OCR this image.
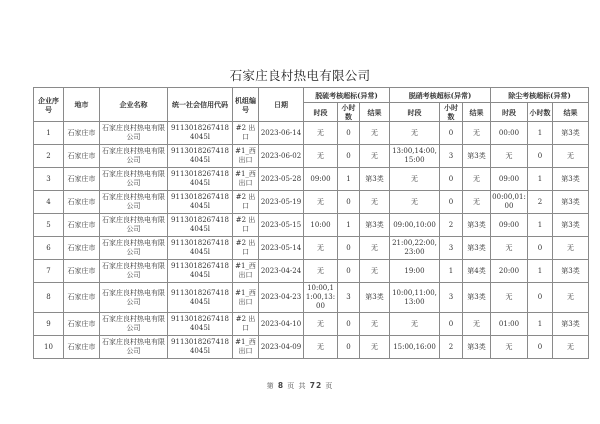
石家庄良村热电有限公司
企业序号	地市	企业名称	统一社会信用代码	机组编号	日期	脱硫考核超标(异常)			脱硝考核超标(异常)			除尘考核超标(异常)		
						时段	小时数	结果	时段	小时数	结果	时段	小时数	结果
1	石家庄市	石家庄良村热电有限公司	91130182674184045l	#2 出口	2023-06-14	无	0	无	无	0	无	00:00	1	第3类
2	石家庄市	石家庄良村热电有限公司	91130182674184045l	#1_西出口	2023-06-02	无	0	无	13:00,14:00,15:00	3	第3类	无	0	无
3	石家庄市	石家庄良村热电有限公司	91130182674184045l	#1_西出口	2023-05-28	09:00	1	第3类	无	0	无	09:00	1	第3类
4	石家庄市	石家庄良村热电有限公司	91130182674184045l	#2 出口	2023-05-19	无	0	无	无	0	无	00:00,01:00	2	第3类
5	石家庄市	石家庄良村热电有限公司	91130182674184045l	#2 出口	2023-05-15	10:00	1	第3类	09:00,10:00	2	第3类	09:00	1	第3类
6	石家庄市	石家庄良村热电有限公司	91130182674184045l	#2 出口	2023-05-14	无	0	无	21:00,22:00,23:00	3	第3类	无	0	无
7	石家庄市	石家庄良村热电有限公司	91130182674184045l	#1_西出口	2023-04-24	无	0	无	19:00	1	第4类	20:00	1	第3类
8	石家庄市	石家庄良村热电有限公司	91130182674184045l	#1_西出口	2023-04-23	10:00,11:00,13:00	3	第3类	10:00,11:00,13:00	3	第3类	无	0	无
9	石家庄市	石家庄良村热电有限公司	91130182674184045l	#2 出口	2023-04-10	无	0	无	无	0	无	01:00	1	第3类
10	石家庄市	石家庄良村热电有限公司	91130182674184045l	#1_西出口	2023-04-09	无	0	无	15:00,16:00	2	第3类	无	0	无
第 8 页 共 72 页
